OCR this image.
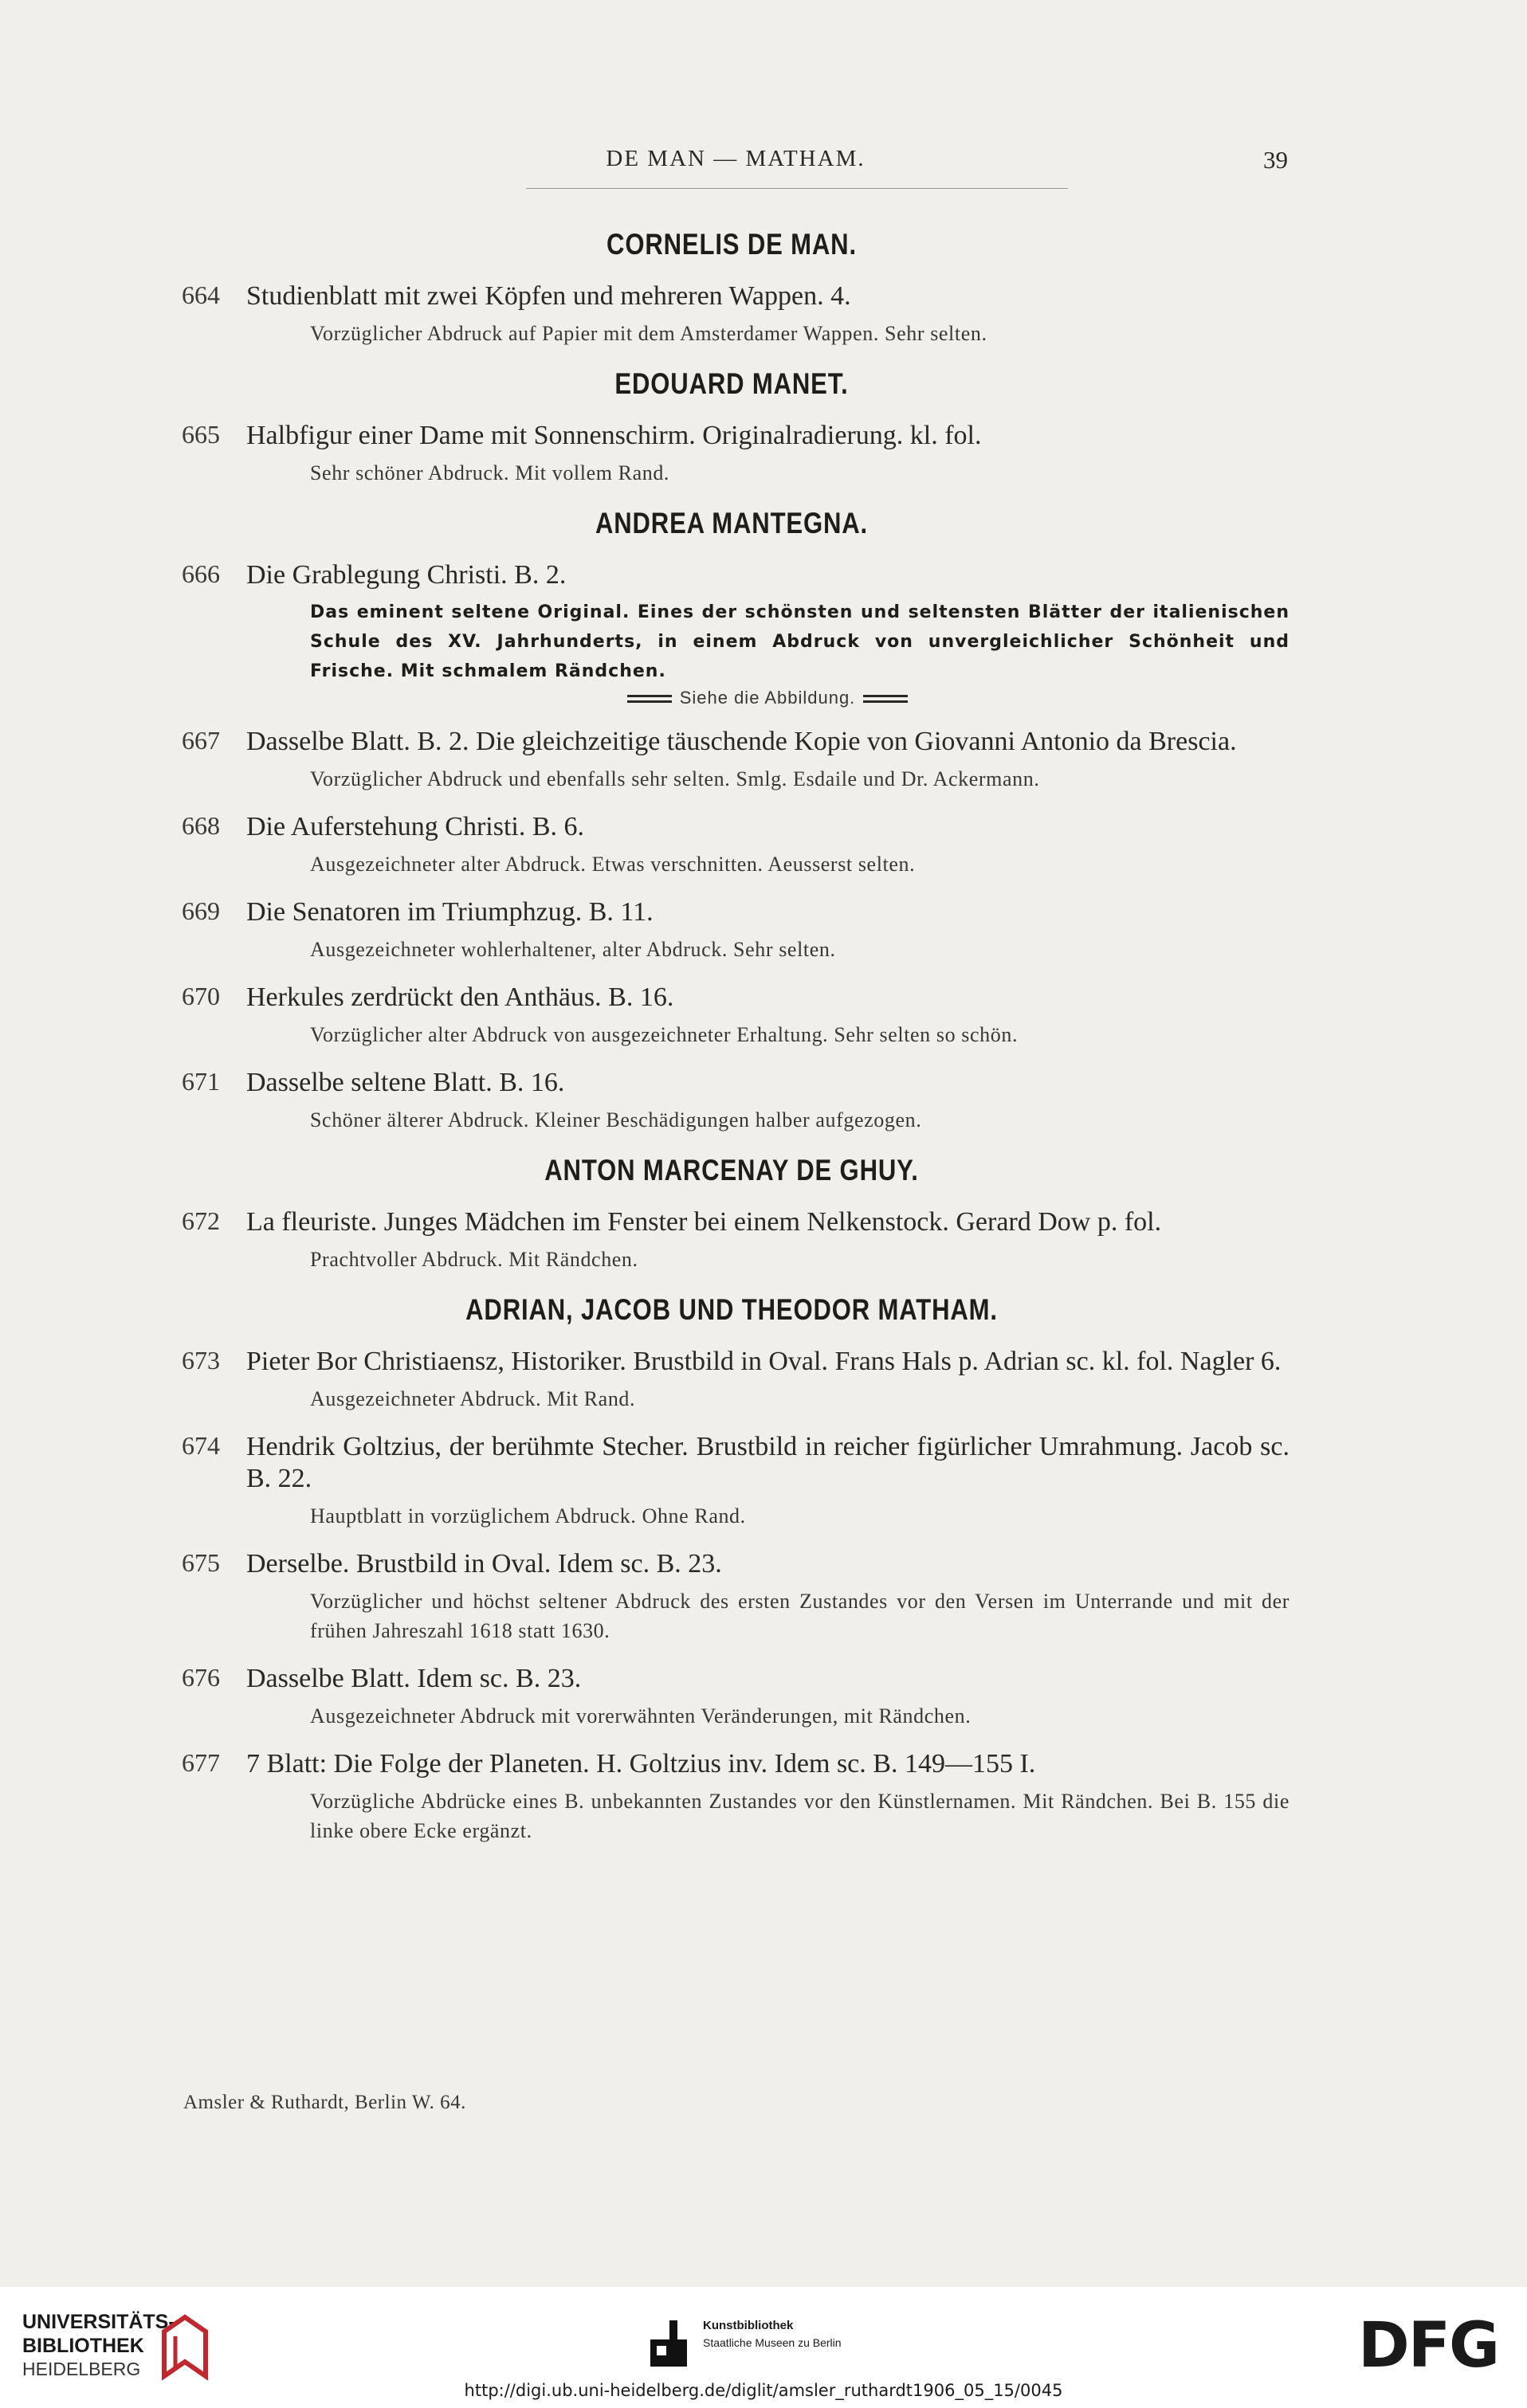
DE MAN — MATHAM.	39
CORNELIS DE MAN.
664 Studienblatt mit zwei Köpfen und mehreren Wappen. 4.
Vorzüglicher Abdruck auf Papier mit dem Amsterdamer Wappen. Sehr selten.
EDOUARD MANET.
665 Halbfigur einer Dame mit Sonnenschirm. Originalradierung. kl. fol.
Sehr schöner Abdruck. Mit vollem Rand.
ANDREA MANTEGNA.
666 Die Grablegung Christi. B. 2.
Das eminent seltene Original. Eines der schönsten und seltensten Blätter der italienischen Schule des XV. Jahrhunderts, in einem Abdruck von unvergleichlicher Schönheit und Frische. Mit schmalem Rändchen.
Siehe die Abbildung.
667 Dasselbe Blatt. B. 2. Die gleichzeitige täuschende Kopie von Giovanni Antonio da Brescia.
Vorzüglicher Abdruck und ebenfalls sehr selten. Smlg. Esdaile und Dr. Ackermann.
668 Die Auferstehung Christi. B. 6.
Ausgezeichneter alter Abdruck. Etwas verschnitten. Aeusserst selten.
669 Die Senatoren im Triumphzug. B. 11.
Ausgezeichneter wohlerhaltener, alter Abdruck. Sehr selten.
670 Herkules zerdrückt den Anthäus. B. 16.
Vorzüglicher alter Abdruck von ausgezeichneter Erhaltung. Sehr selten so schön.
671 Dasselbe seltene Blatt. B. 16.
Schöner älterer Abdruck. Kleiner Beschädigungen halber aufgezogen.
ANTON MARCENAY DE GHUY.
672 La fleuriste. Junges Mädchen im Fenster bei einem Nelkenstock. Gerard Dow p. fol.
Prachtvoller Abdruck. Mit Rändchen.
ADRIAN, JACOB UND THEODOR MATHAM.
673 Pieter Bor Christiaensz, Historiker. Brustbild in Oval. Frans Hals p. Adrian sc. kl. fol. Nagler 6.
Ausgezeichneter Abdruck. Mit Rand.
674 Hendrik Goltzius, der berühmte Stecher. Brustbild in reicher figürlicher Umrahmung. Jacob sc. B. 22.
Hauptblatt in vorzüglichem Abdruck. Ohne Rand.
675 Derselbe. Brustbild in Oval. Idem sc. B. 23.
Vorzüglicher und höchst seltener Abdruck des ersten Zustandes vor den Versen im Unterrande und mit der frühen Jahreszahl 1618 statt 1630.
676 Dasselbe Blatt. Idem sc. B. 23.
Ausgezeichneter Abdruck mit vorerwähnten Veränderungen, mit Rändchen.
677 7 Blatt: Die Folge der Planeten. H. Goltzius inv. Idem sc. B. 149—155 I.
Vorzügliche Abdrücke eines B. unbekannten Zustandes vor den Künstlernamen. Mit Rändchen. Bei B. 155 die linke obere Ecke ergänzt.
Amsler & Ruthardt, Berlin W. 64.
UNIVERSITÄTS-
BIBLIOTHEK
HEIDELBERG
Kunstbibliothek
Staatliche Museen zu Berlin	DFG
http://digi.ub.uni-heidelberg.de/diglit/amsler_ruthardt1906_05_15/0045
